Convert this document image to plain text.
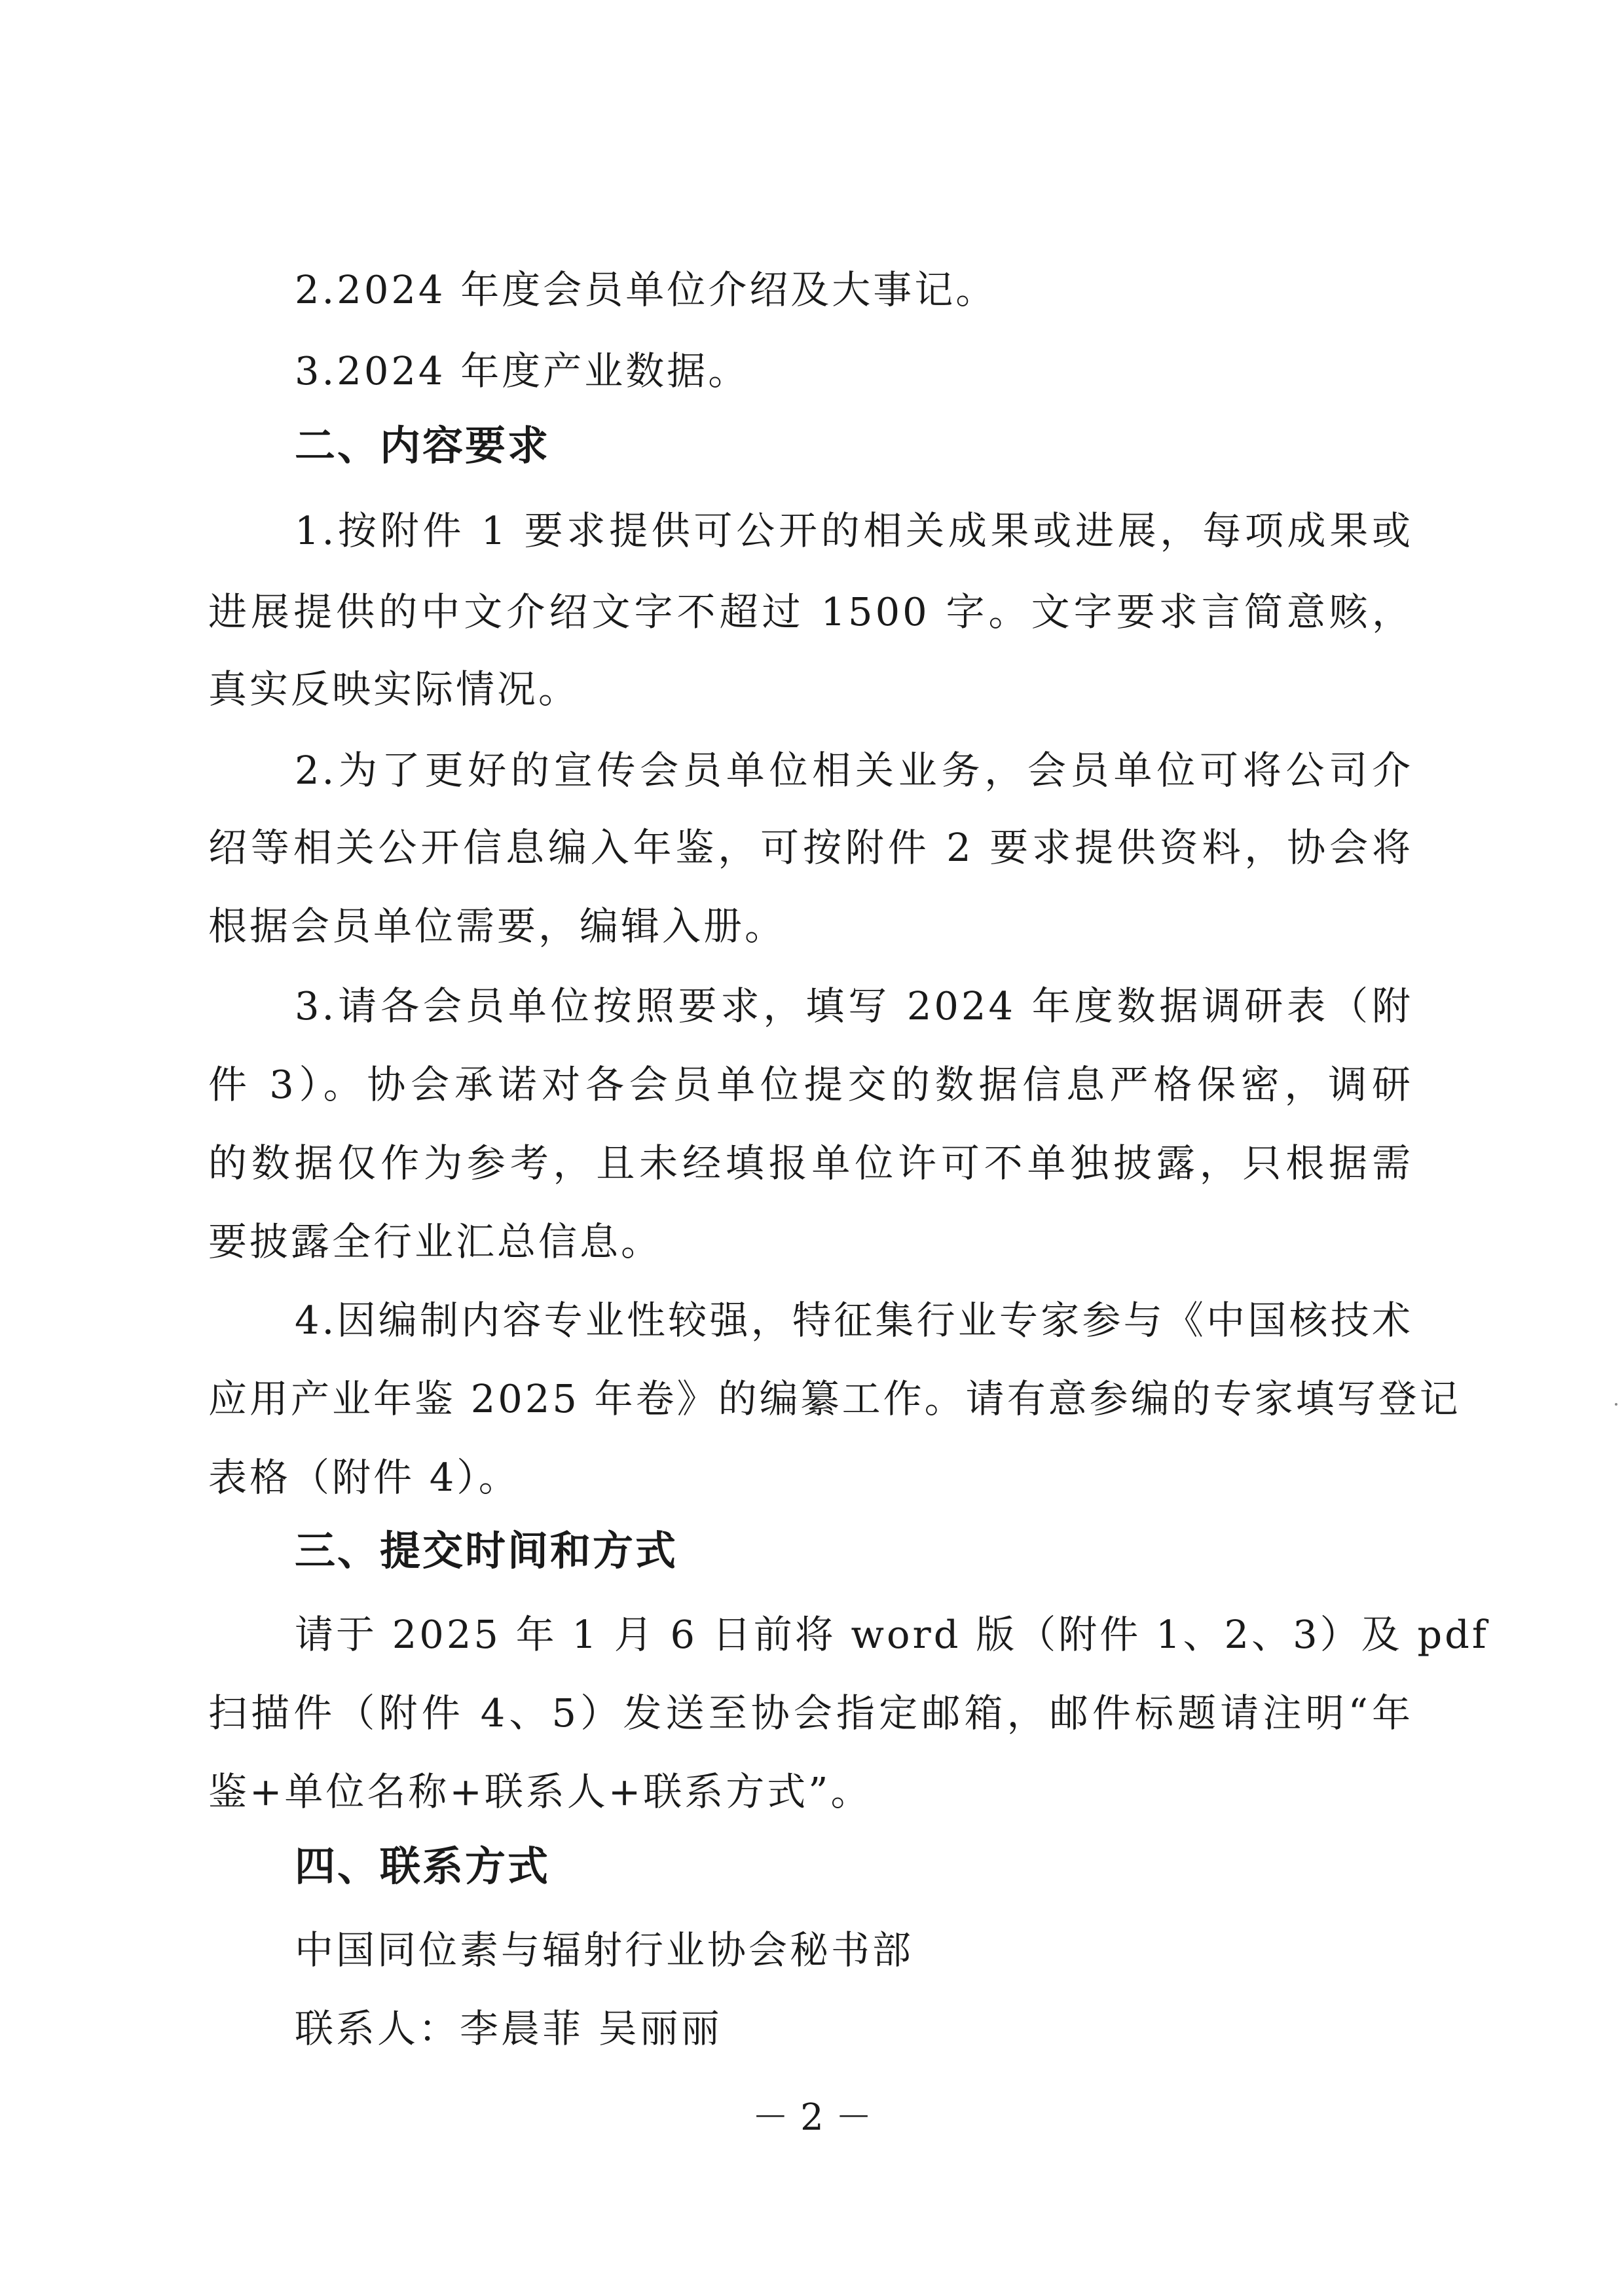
2.2024 年度会员单位介绍及大事记。
3.2024 年度产业数据。
二、内容要求
1.按附件 1 要求提供可公开的相关成果或进展，每项成果或
进展提供的中文介绍文字不超过 1500 字。文字要求言简意赅，
真实反映实际情况。
2.为了更好的宣传会员单位相关业务，会员单位可将公司介
绍等相关公开信息编入年鉴，可按附件 2 要求提供资料，协会将
根据会员单位需要，编辑入册。
3.请各会员单位按照要求，填写 2024 年度数据调研表（附
件 3）。协会承诺对各会员单位提交的数据信息严格保密，调研
的数据仅作为参考，且未经填报单位许可不单独披露，只根据需
要披露全行业汇总信息。
4.因编制内容专业性较强，特征集行业专家参与《中国核技术
应用产业年鉴 2025 年卷》的编纂工作。请有意参编的专家填写登记
表格（附件 4）。
三、提交时间和方式
请于 2025 年 1 月 6 日前将 word 版（附件 1、2、3）及 pdf
扫描件（附件 4、5）发送至协会指定邮箱，邮件标题请注明“年
鉴+单位名称+联系人+联系方式”。
四、联系方式
中国同位素与辐射行业协会秘书部
联系人：李晨菲 吴丽丽
－ 2 －
